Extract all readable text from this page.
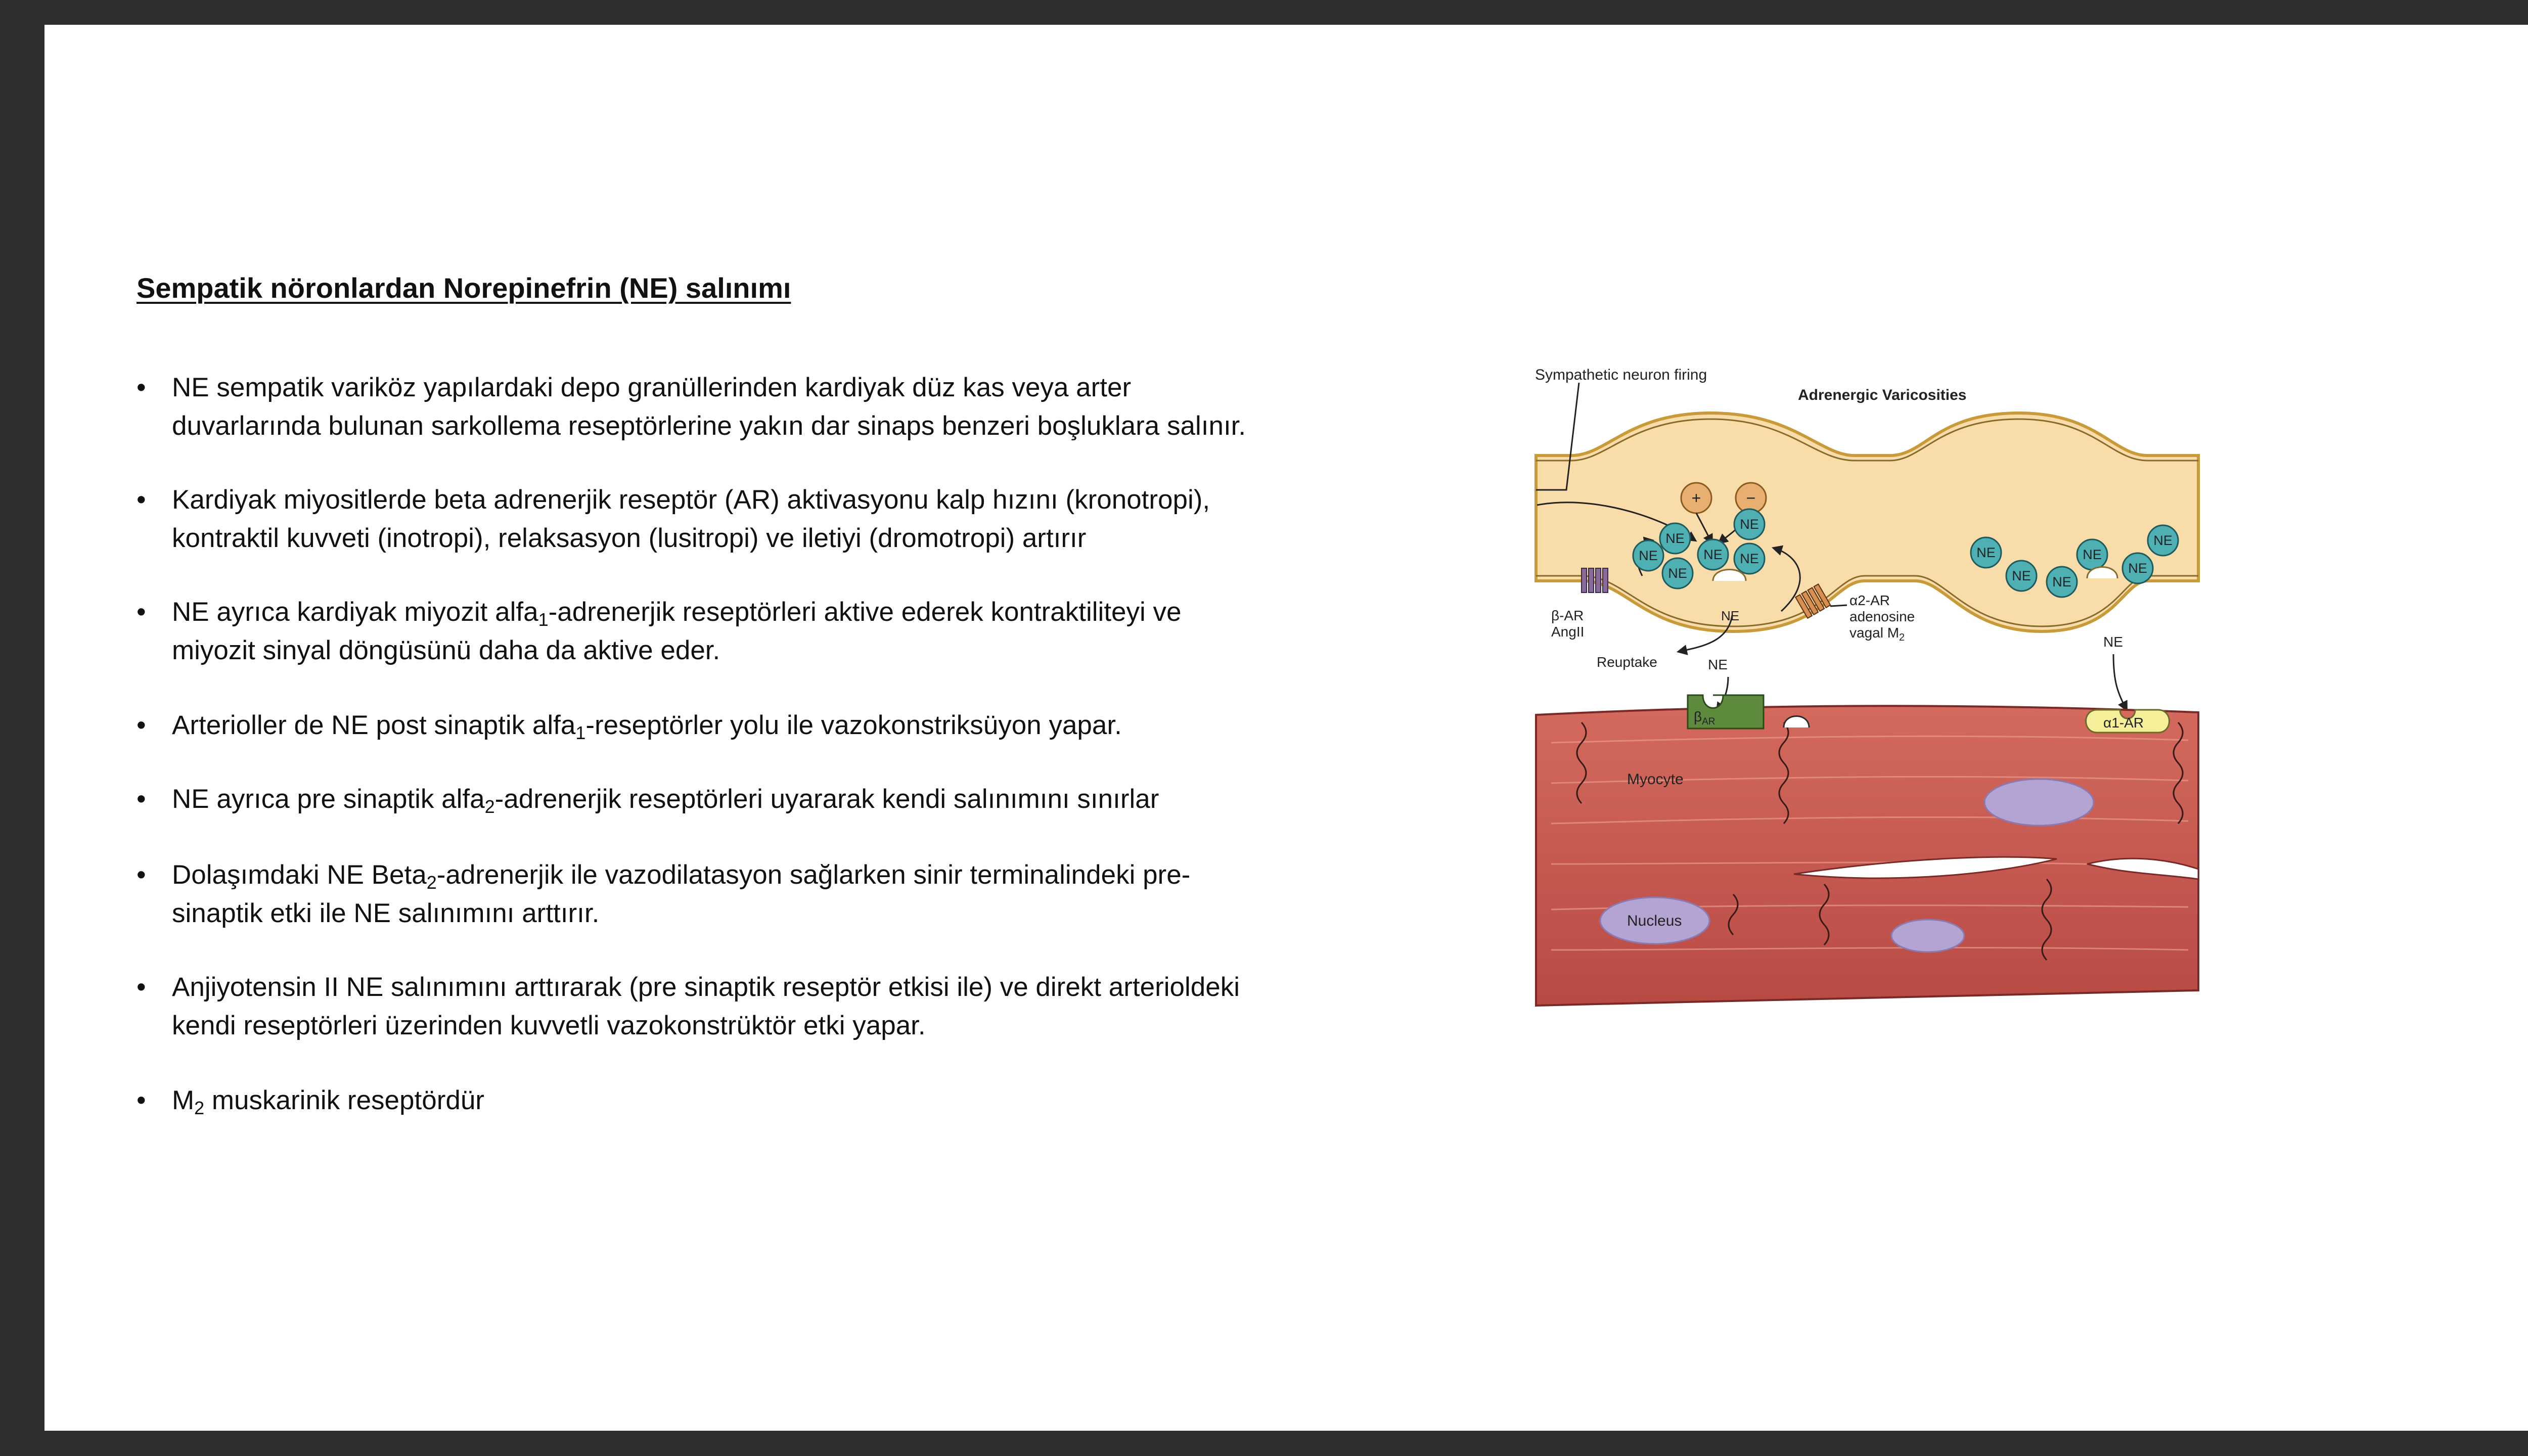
Sempatik nöronlardan Norepinefrin (NE) salınımı
• NE sempatik variköz yapılardaki depo granüllerinden kardiyak düz kas veya arter
duvarlarında bulunan sarkollema reseptörlerine yakın dar sinaps benzeri boşluklara salınır.
• Kardiyak miyositlerde beta adrenerjik reseptör (AR) aktivasyonu kalp hızını (kronotropi),
kontraktil kuvveti (inotropi), relaksasyon (lusitropi) ve iletiyi (dromotropi) artırır
• NE ayrıca kardiyak miyozit alfa$_1$-adrenerjik reseptörleri aktive ederek kontraktiliteyi ve
miyozit sinyal döngüsünü daha da aktive eder.
• Arterioller de NE post sinaptik alfa$_1$-reseptörler yolu ile vazokonstriksüyon yapar.
• NE ayrıca pre sinaptik alfa$_2$-adrenerjik reseptörleri uyararak kendi salınımını sınırlar
• Dolaşımdaki NE Beta$_2$-adrenerjik ile vazodilatasyon sağlarken sinir terminalindeki pre-
sinaptik etki ile NE salınımını arttırır.
• Anjiyotensin II NE salınımını arttırarak (pre sinaptik reseptör etkisi ile) ve direkt arterioldeki
kendi reseptörleri üzerinden kuvvetli vazokonstrüktör etki yapar.
• $M_2$ muskarinik reseptördür
Sympathetic neuron firing
Adrenergic Varicosities
+	−
NE
NE
NE
NE
NE
NE	NE
NE NE
NE
NE
NE
NE
β-AR
AngII
α2-AR
adenosine
vagal $M_2$
Reuptake	NE
NE
Nucleus
Myocyte
$\beta_{AR}$	α1-AR
